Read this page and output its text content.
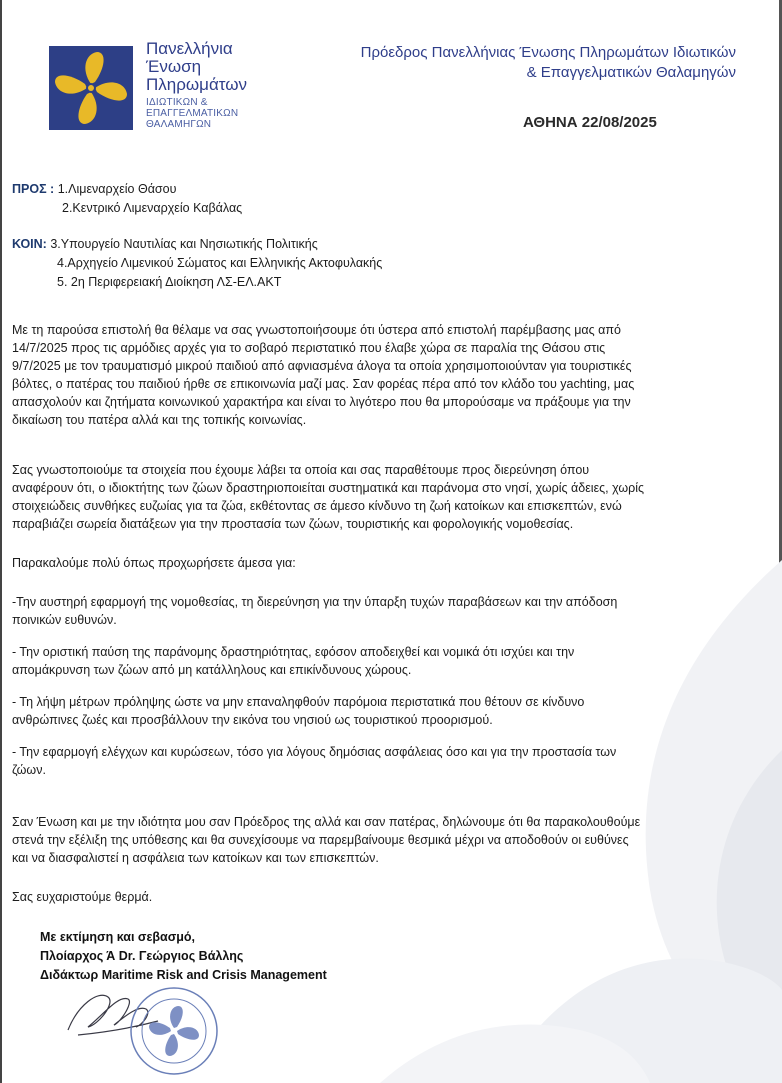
Πανελλήνια
Ένωση
Πληρωμάτων
ΙΔΙΩΤΙΚΩΝ &
ΕΠΑΓΓΕΛΜΑΤΙΚΩΝ
ΘΑΛΑΜΗΓΩΝ
Πρόεδρος Πανελλήνιας Ένωσης Πληρωμάτων Ιδιωτικών
& Επαγγελματικών Θαλαμηγών
ΑΘΗΝΑ 22/08/2025
ΠΡΟΣ : 1.Λιμεναρχείο Θάσου
2.Κεντρικό Λιμεναρχείο Καβάλας
ΚΟΙΝ: 3.Υπουργείο Ναυτιλίας και Νησιωτικής Πολιτικής
4.Αρχηγείο Λιμενικού Σώματος και Ελληνικής Ακτοφυλακής
5. 2η Περιφερειακή Διοίκηση ΛΣ-ΕΛ.ΑΚΤ
Με τη παρούσα επιστολή θα θέλαμε να σας γνωστοποιήσουμε ότι ύστερα από επιστολή παρέμβασης μας από
14/7/2025 προς τις αρμόδιες αρχές για το σοβαρό περιστατικό που έλαβε χώρα σε παραλία της Θάσου στις
9/7/2025 με τον τραυματισμό μικρού παιδιού από αφνιασμένα άλογα τα οποία χρησιμοποιούνταν για τουριστικές
βόλτες, ο πατέρας του παιδιού ήρθε σε επικοινωνία μαζί μας. Σαν φορέας πέρα από τον κλάδο του yachting, μας
απασχολούν και ζητήματα κοινωνικού χαρακτήρα και είναι το λιγότερο που θα μπορούσαμε να πράξουμε για την
δικαίωση του πατέρα αλλά και της τοπικής κοινωνίας.
Σας γνωστοποιούμε τα στοιχεία που έχουμε λάβει τα οποία και σας παραθέτουμε προς διερεύνηση όπου
αναφέρουν ότι, ο ιδιοκτήτης των ζώων δραστηριοποιείται συστηματικά και παράνομα στο νησί, χωρίς άδειες, χωρίς
στοιχειώδεις συνθήκες ευζωίας για τα ζώα, εκθέτοντας σε άμεσο κίνδυνο τη ζωή κατοίκων και επισκεπτών, ενώ
παραβιάζει σωρεία διατάξεων για την προστασία των ζώων, τουριστικής και φορολογικής νομοθεσίας.
Παρακαλούμε πολύ όπως προχωρήσετε άμεσα για:
-Την αυστηρή εφαρμογή της νομοθεσίας, τη διερεύνηση για την ύπαρξη τυχών παραβάσεων και την απόδοση
ποινικών ευθυνών.
- Την οριστική παύση της παράνομης δραστηριότητας, εφόσον αποδειχθεί και νομικά ότι ισχύει και την
απομάκρυνση των ζώων από μη κατάλληλους και επικίνδυνους χώρους.
- Τη λήψη μέτρων πρόληψης ώστε να μην επαναληφθούν παρόμοια περιστατικά που θέτουν σε κίνδυνο
ανθρώπινες ζωές και προσβάλλουν την εικόνα του νησιού ως τουριστικού προορισμού.
- Την εφαρμογή ελέγχων και κυρώσεων, τόσο για λόγους δημόσιας ασφάλειας όσο και για την προστασία των
ζώων.
Σαν Ένωση και με την ιδιότητα μου σαν Πρόεδρος της αλλά και σαν πατέρας, δηλώνουμε ότι θα παρακολουθούμε
στενά την εξέλιξη της υπόθεσης και θα συνεχίσουμε να παρεμβαίνουμε θεσμικά μέχρι να αποδοθούν οι ευθύνες
και να διασφαλιστεί η ασφάλεια των κατοίκων και των επισκεπτών.
Σας ευχαριστούμε θερμά.
Με εκτίμηση και σεβασμό,
Πλοίαρχος Ά Dr. Γεώργιος Βάλλης
Διδάκτωρ Maritime Risk and Crisis Management
